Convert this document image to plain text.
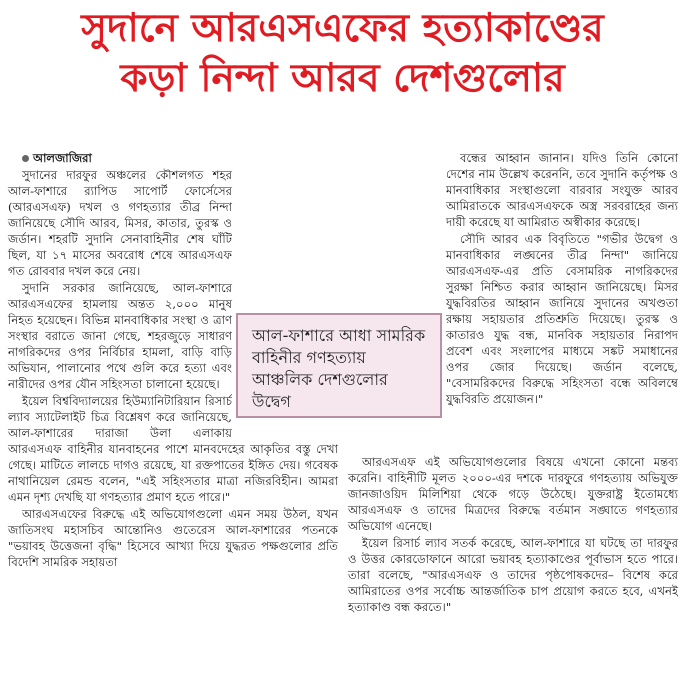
সুদানে আরএসএফের হত্যাকাণ্ডের
কড়া নিন্দা আরব দেশগুলোর

আলজাজিরা

সুদানের দারফুর অঞ্চলের কৌশলগত শহর আল-ফাশারে র‍্যাপিড সাপোর্ট ফোর্সেসের (আরএসএফ) দখল ও গণহত্যার তীব্র নিন্দা জানিয়েছে সৌদি আরব, মিসর, কাতার, তুরস্ক ও জর্ডান। শহরটি সুদানি সেনাবাহিনীর শেষ ঘাঁটি ছিল, যা ১৭ মাসের অবরোধ শেষে আরএসএফ গত রোববার দখল করে নেয়।

সুদানি সরকার জানিয়েছে, আল-ফাশারে আরএসএফের হামলায় অন্তত ২,০০০ মানুষ নিহত হয়েছেন। বিভিন্ন মানবাধিকার সংস্থা ও ত্রাণ সংস্থার বরাতে জানা গেছে, শহরজুড়ে সাধারণ নাগরিকদের ওপর নির্বিচার হামলা, বাড়ি বাড়ি অভিযান, পালানোর পথে গুলি করে হত্যা এবং নারীদের ওপর যৌন সহিংসতা চালানো হয়েছে।

ইয়েল বিশ্ববিদ্যালয়ের হিউম্যানিটারিয়ান রিসার্চ ল্যাব স্যাটেলাইট চিত্র বিশ্লেষণ করে জানিয়েছে, আল-ফাশারের দারাজা উলা এলাকায় আরএসএফ বাহিনীর যানবাহনের পাশে মানবদেহের আকৃতির বস্তু দেখা গেছে। মাটিতে লালচে দাগও রয়েছে, যা রক্তপাতের ইঙ্গিত দেয়। গবেষক নাথানিয়েল রেমন্ড বলেন, "এই সহিংসতার মাত্রা নজিরবিহীন। আমরা এমন দৃশ্য দেখছি যা গণহত্যার প্রমাণ হতে পারে।"

আরএসএফের বিরুদ্ধে এই অভিযোগগুলো এমন সময় উঠল, যখন জাতিসংঘ মহাসচিব আন্তোনিও গুতেরেস আল-ফাশারের পতনকে "ভয়াবহ উত্তেজনা বৃদ্ধি" হিসেবে আখ্যা দিয়ে যুদ্ধরত পক্ষগুলোর প্রতি বিদেশি সামরিক সহায়তা

বন্ধের আহ্বান জানান। যদিও তিনি কোনো দেশের নাম উল্লেখ করেননি, তবে সুদানি কর্তৃপক্ষ ও মানবাধিকার সংস্থাগুলো বারবার সংযুক্ত আরব আমিরাতকে আরএসএফকে অস্ত্র সরবরাহের জন্য দায়ী করেছে যা আমিরাত অস্বীকার করেছে।

সৌদি আরব এক বিবৃতিতে "গভীর উদ্বেগ ও মানবাধিকার লঙ্ঘনের তীব্র নিন্দা" জানিয়ে আরএসএফ-এর প্রতি বেসামরিক নাগরিকদের সুরক্ষা নিশ্চিত করার আহ্বান জানিয়েছে। মিসর যুদ্ধবিরতির আহ্বান জানিয়ে সুদানের অখণ্ডতা রক্ষায় সহায়তার প্রতিশ্রুতি দিয়েছে। তুরস্ক ও কাতারও যুদ্ধ বন্ধ, মানবিক সহায়তার নিরাপদ প্রবেশ এবং সংলাপের মাধ্যমে সঙ্কট সমাধানের ওপর জোর দিয়েছে। জর্ডান বলেছে, "বেসামরিকদের বিরুদ্ধে সহিংসতা বন্ধে অবিলম্বে যুদ্ধবিরতি প্রয়োজন।"

আরএসএফ এই অভিযোগগুলোর বিষয়ে এখনো কোনো মন্তব্য করেনি। বাহিনীটি মূলত ২০০০-এর দশকে দারফুরে গণহত্যায় অভিযুক্ত জানজাওয়িদ মিলিশিয়া থেকে গড়ে উঠেছে। যুক্তরাষ্ট্র ইতোমধ্যে আরএসএফ ও তাদের মিত্রদের বিরুদ্ধে বর্তমান সঙ্ঘাতে গণহত্যার অভিযোগ এনেছে।

ইয়েল রিসার্চ ল্যাব সতর্ক করেছে, আল-ফাশারে যা ঘটছে তা দারফুর ও উত্তর কোরডোফানে আরো ভয়াবহ হত্যাকাণ্ডের পূর্বাভাস হতে পারে। তারা বলেছে, "আরএসএফ ও তাদের পৃষ্ঠপোষকদের– বিশেষ করে আমিরাতের ওপর সর্বোচ্চ আন্তর্জাতিক চাপ প্রয়োগ করতে হবে, এখনই হত্যাকাণ্ড বন্ধ করতে।"

আল-ফাশারে আধা সামরিক বাহিনীর গণহত্যায় আঞ্চলিক দেশগুলোর উদ্বেগ
